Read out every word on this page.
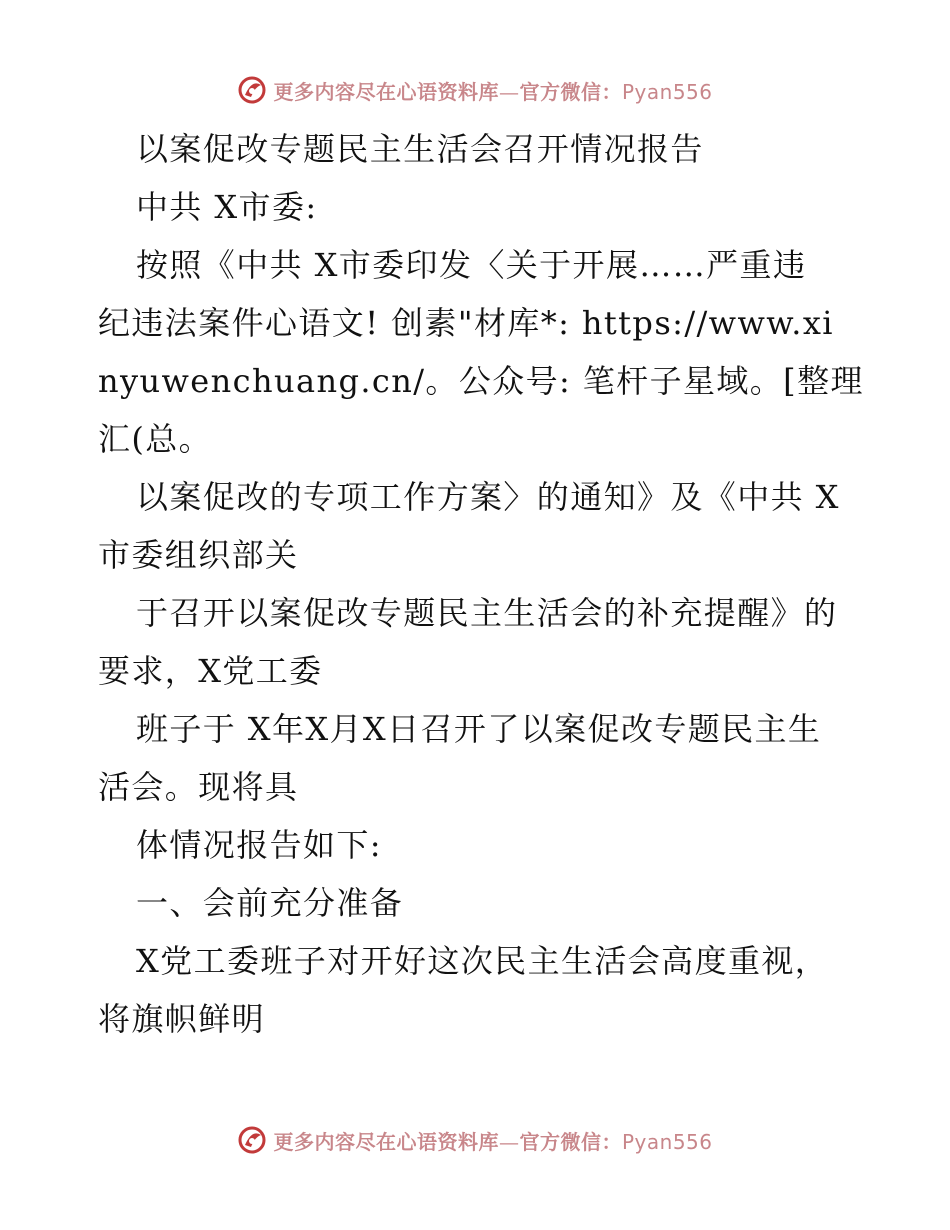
更多内容尽在心语资料库—官方微信：Pyan556
以案促改专题民主生活会召开情况报告
中共 X市委:
按照《中共 X市委印发〈关于开展……严重违
纪违法案件心语文! 创素"材库*: https://www.xi
nyuwenchuang.cn/。公众号: 笔杆子星域。[整理
汇(总。
以案促改的专项工作方案〉的通知》及《中共 X
市委组织部关
于召开以案促改专题民主生活会的补充提醒》的
要求，X党工委
班子于 X年X月X日召开了以案促改专题民主生
活会。现将具
体情况报告如下:
一、会前充分准备
X党工委班子对开好这次民主生活会高度重视，
将旗帜鲜明
更多内容尽在心语资料库—官方微信：Pyan556
